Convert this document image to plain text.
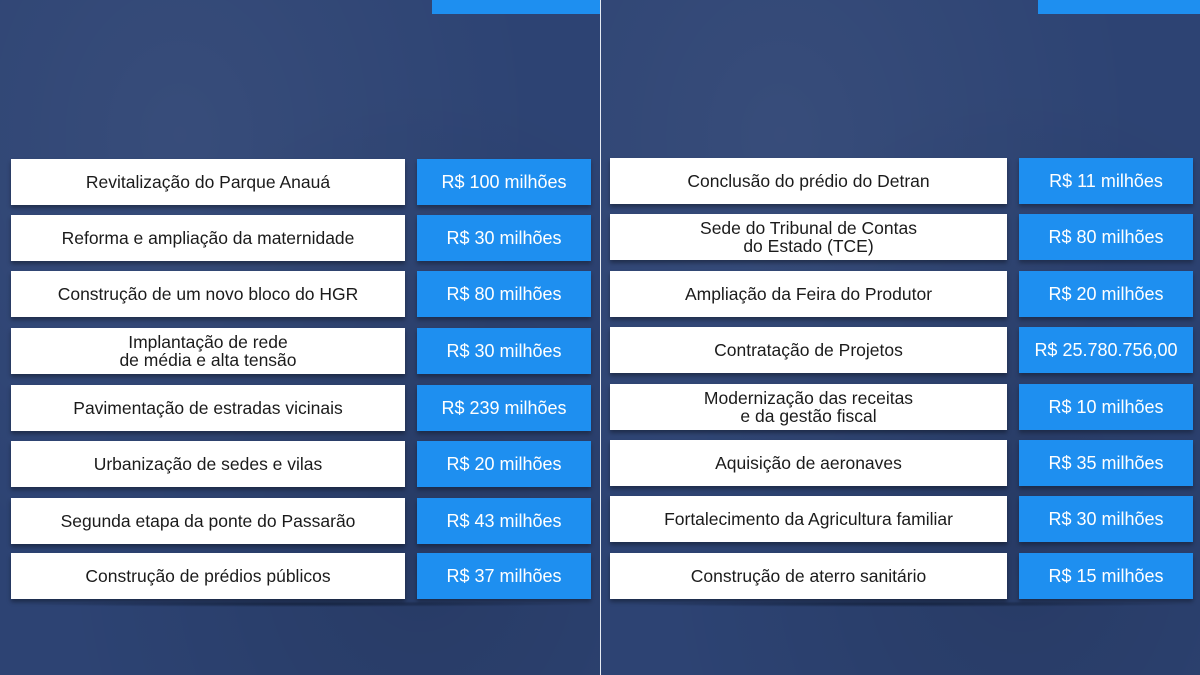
Revitalização do Parque Anauá	R$ 100 milhões
Reforma e ampliação da maternidade	R$ 30 milhões
Construção de um novo bloco do HGR	R$ 80 milhões
Implantação de rede
de média e alta tensão	R$ 30 milhões
Pavimentação de estradas vicinais	R$ 239 milhões
Urbanização de sedes e vilas	R$ 20 milhões
Segunda etapa da ponte do Passarão	R$ 43 milhões
Construção de prédios públicos	R$ 37 milhões
Conclusão do prédio do Detran	R$ 11 milhões
Sede do Tribunal de Contas
do Estado (TCE)	R$ 80 milhões
Ampliação da Feira do Produtor	R$ 20 milhões
Contratação de Projetos	R$ 25.780.756,00
Modernização das receitas
e da gestão fiscal	R$ 10 milhões
Aquisição de aeronaves	R$ 35 milhões
Fortalecimento da Agricultura familiar	R$ 30 milhões
Construção de aterro sanitário	R$ 15 milhões
